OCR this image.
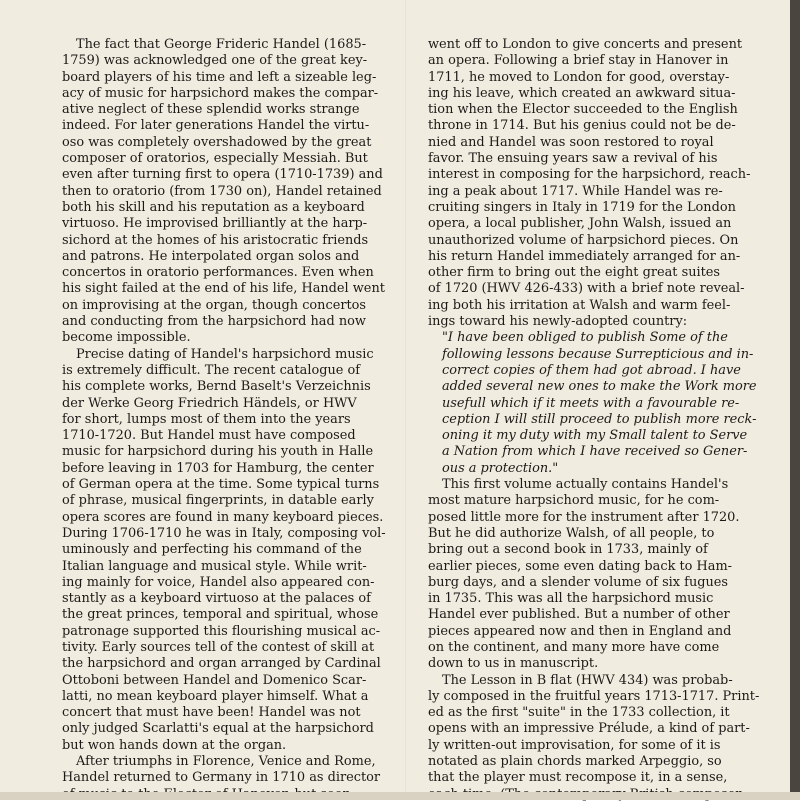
The fact that George Frideric Handel (1685-
1759) was acknowledged one of the great key-
board players of his time and left a sizeable leg-
acy of music for harpsichord makes the compar-
ative neglect of these splendid works strange
indeed. For later generations Handel the virtu-
oso was completely overshadowed by the great
composer of oratorios, especially Messiah. But
even after turning first to opera (1710-1739) and
then to oratorio (from 1730 on), Handel retained
both his skill and his reputation as a keyboard
virtuoso. He improvised brilliantly at the harp-
sichord at the homes of his aristocratic friends
and patrons. He interpolated organ solos and
concertos in oratorio performances. Even when
his sight failed at the end of his life, Handel went
on improvising at the organ, though concertos
and conducting from the harpsichord had now
become impossible.
Precise dating of Handel's harpsichord music
is extremely difficult. The recent catalogue of
his complete works, Bernd Baselt's Verzeichnis
der Werke Georg Friedrich Händels, or HWV
for short, lumps most of them into the years
1710-1720. But Handel must have composed
music for harpsichord during his youth in Halle
before leaving in 1703 for Hamburg, the center
of German opera at the time. Some typical turns
of phrase, musical fingerprints, in datable early
opera scores are found in many keyboard pieces.
During 1706-1710 he was in Italy, composing vol-
uminously and perfecting his command of the
Italian language and musical style. While writ-
ing mainly for voice, Handel also appeared con-
stantly as a keyboard virtuoso at the palaces of
the great princes, temporal and spiritual, whose
patronage supported this flourishing musical ac-
tivity. Early sources tell of the contest of skill at
the harpsichord and organ arranged by Cardinal
Ottoboni between Handel and Domenico Scar-
latti, no mean keyboard player himself. What a
concert that must have been! Handel was not
only judged Scarlatti's equal at the harpsichord
but won hands down at the organ.
After triumphs in Florence, Venice and Rome,
Handel returned to Germany in 1710 as director
went off to London to give concerts and present
an opera. Following a brief stay in Hanover in
1711, he moved to London for good, overstay-
ing his leave, which created an awkward situa-
tion when the Elector succeeded to the English
throne in 1714. But his genius could not be de-
nied and Handel was soon restored to royal
favor. The ensuing years saw a revival of his
interest in composing for the harpsichord, reach-
ing a peak about 1717. While Handel was re-
cruiting singers in Italy in 1719 for the London
opera, a local publisher, John Walsh, issued an
unauthorized volume of harpsichord pieces. On
his return Handel immediately arranged for an-
other firm to bring out the eight great suites
of 1720 (HWV 426-433) with a brief note reveal-
ing both his irritation at Walsh and warm feel-
ings toward his newly-adopted country:
"I have been obliged to publish Some of the
following lessons because Surrepticious and in-
correct copies of them had got abroad. I have
added several new ones to make the Work more
usefull which if it meets with a favourable re-
ception I will still proceed to publish more reck-
oning it my duty with my Small talent to Serve
a Nation from which I have received so Gener-
ous a protection."
This first volume actually contains Handel's
most mature harpsichord music, for he com-
posed little more for the instrument after 1720.
But he did authorize Walsh, of all people, to
bring out a second book in 1733, mainly of
earlier pieces, some even dating back to Ham-
burg days, and a slender volume of six fugues
in 1735. This was all the harpsichord music
Handel ever published. But a number of other
pieces appeared now and then in England and
on the continent, and many more have come
down to us in manuscript.
The Lesson in B flat (HWV 434) was probab-
ly composed in the fruitful years 1713-1717. Print-
ed as the first "suite" in the 1733 collection, it
opens with an impressive Prélude, a kind of part-
ly written-out improvisation, for some of it is
notated as plain chords marked Arpeggio, so
that the player must recompose it, in a sense,
